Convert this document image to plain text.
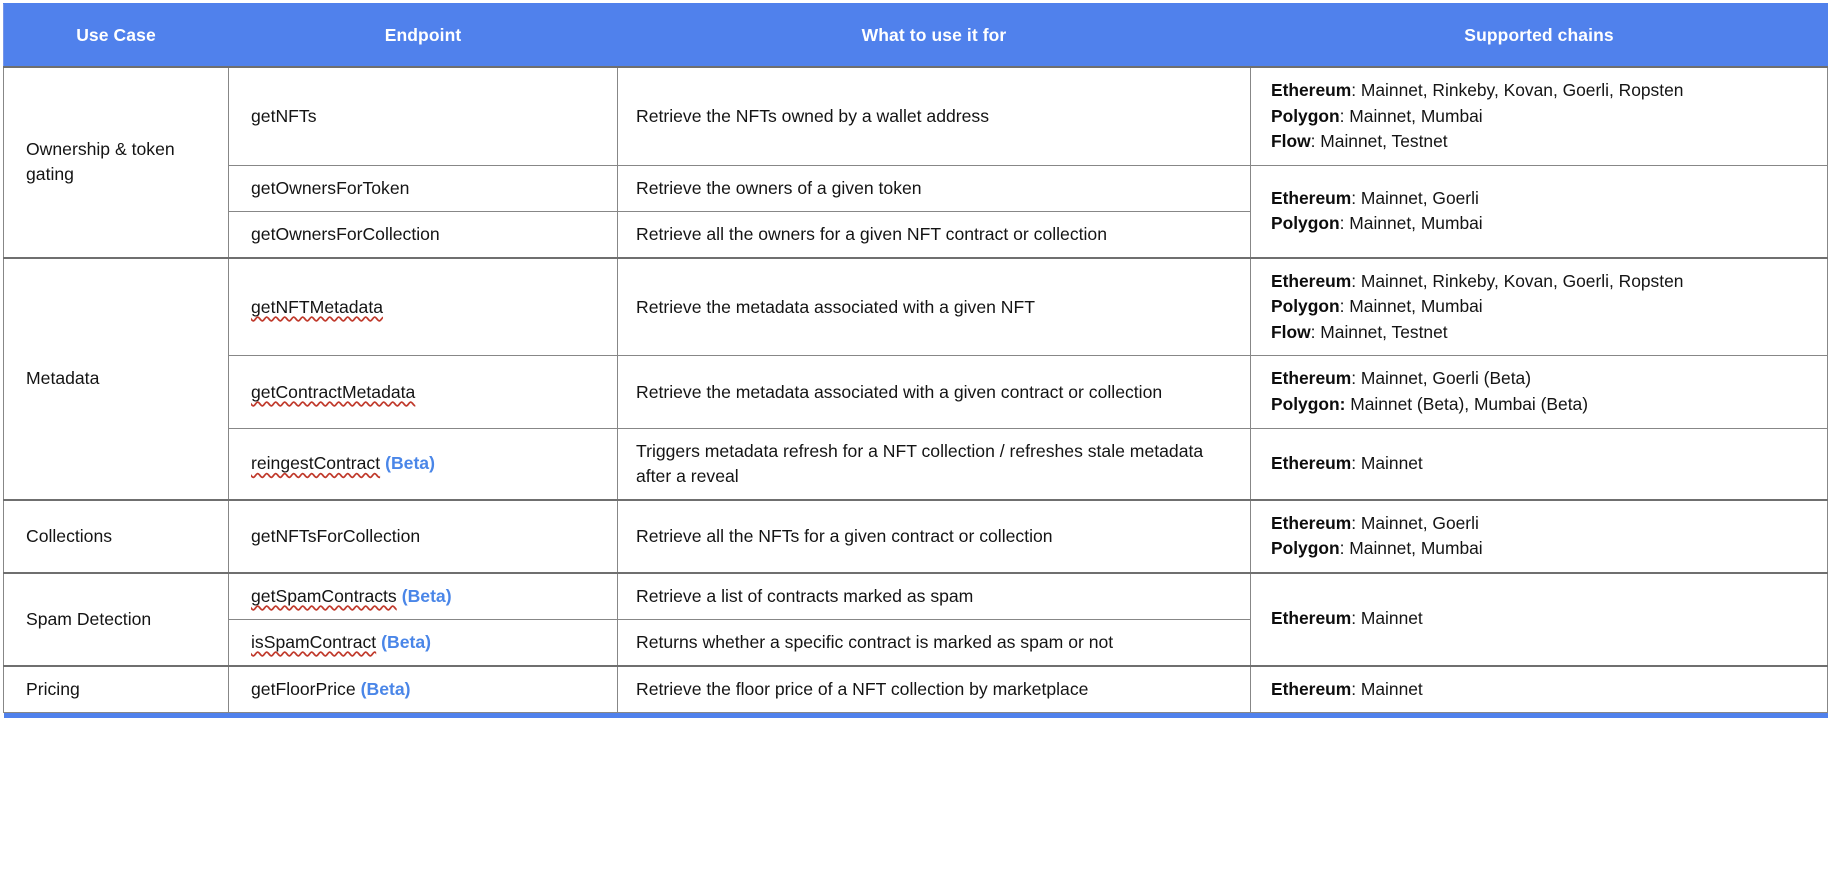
Use Case	Endpoint	What to use it for	Supported chains
Ownership & token gating	getNFTs	Retrieve the NFTs owned by a wallet address	Ethereum: Mainnet, Rinkeby, Kovan, Goerli, Ropsten
Polygon: Mainnet, Mumbai
Flow: Mainnet, Testnet

	getOwnersForToken	Retrieve the owners of a given token	Ethereum: Mainnet, Goerli
Polygon: Mainnet, Mumbai

	getOwnersForCollection	Retrieve all the owners for a given NFT contract or collection	
Metadata	getNFTMetadata	Retrieve the metadata associated with a given NFT	Ethereum: Mainnet, Rinkeby, Kovan, Goerli, Ropsten
Polygon: Mainnet, Mumbai
Flow: Mainnet, Testnet

	getContractMetadata	Retrieve the metadata associated with a given contract or collection	Ethereum: Mainnet, Goerli (Beta)
Polygon: Mainnet (Beta), Mumbai (Beta)

	reingestContract (Beta)	Triggers metadata refresh for a NFT collection / refreshes stale metadata after a reveal	Ethereum: Mainnet

Collections	getNFTsForCollection	Retrieve all the NFTs for a given contract or collection	Ethereum: Mainnet, Goerli
Polygon: Mainnet, Mumbai

Spam Detection	getSpamContracts (Beta)	Retrieve a list of contracts marked as spam	Ethereum: Mainnet

	isSpamContract (Beta)	Returns whether a specific contract is marked as spam or not	
Pricing	getFloorPrice (Beta)	Retrieve the floor price of a NFT collection by marketplace	Ethereum: Mainnet
